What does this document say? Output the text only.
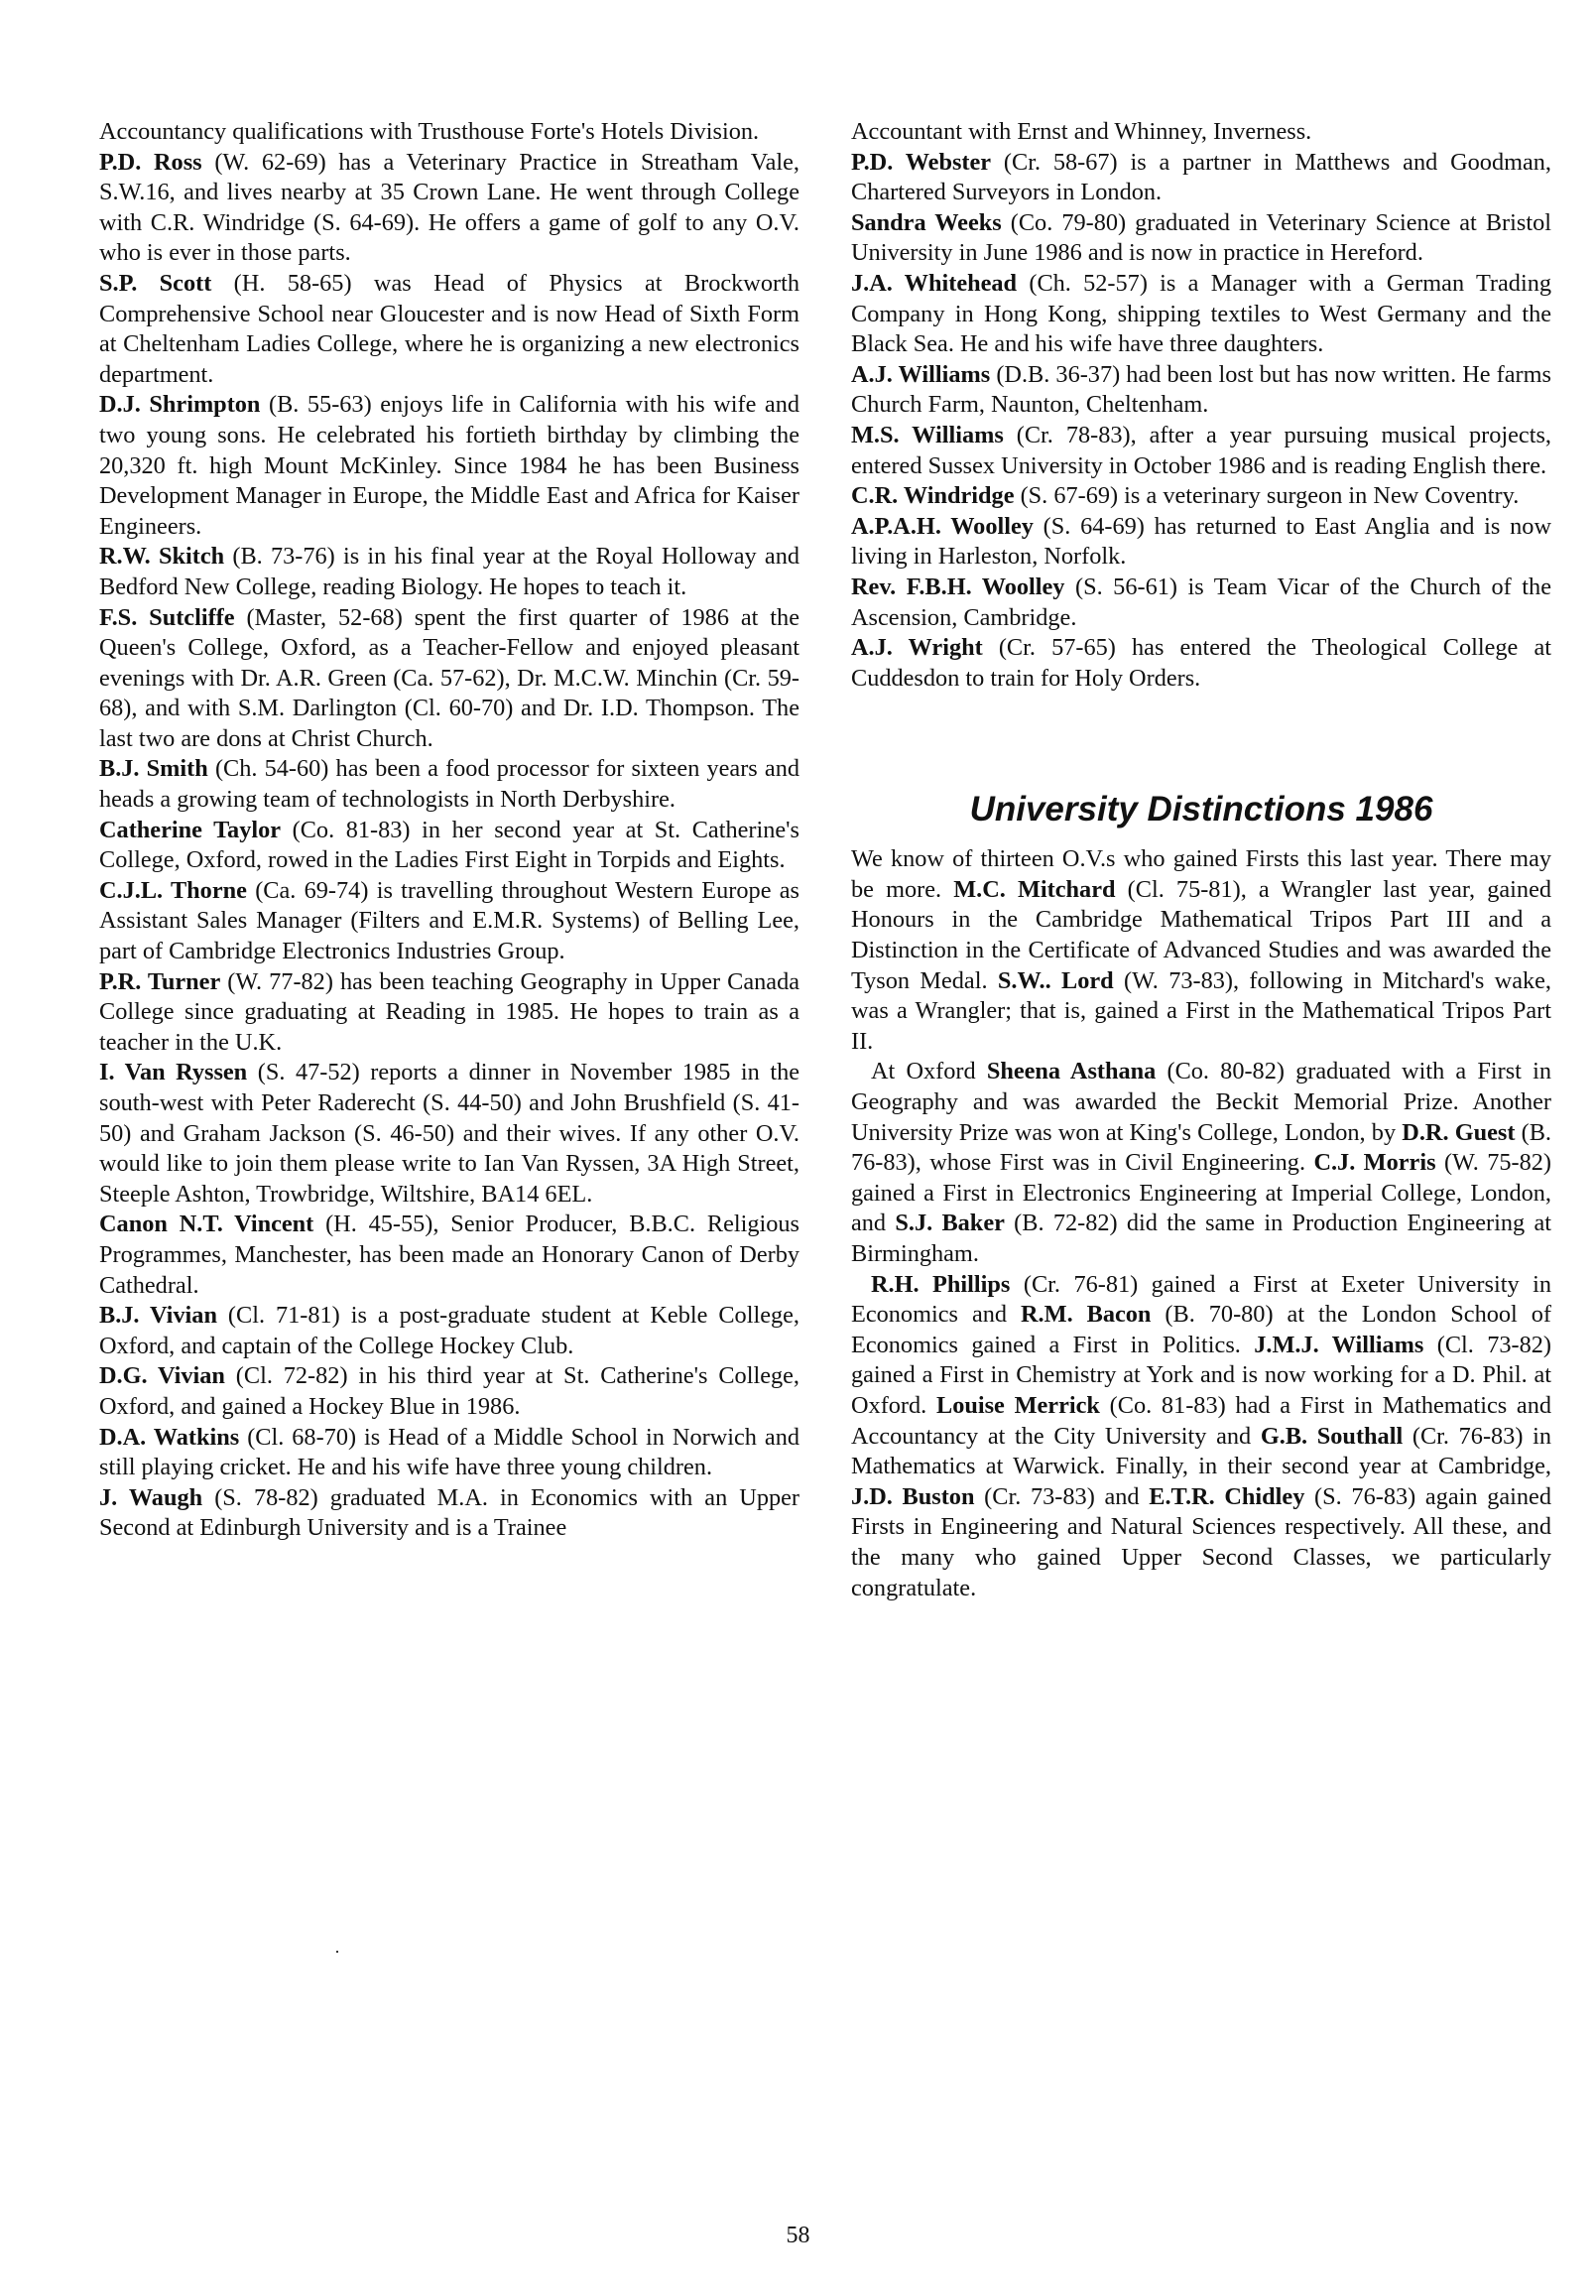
Accountancy qualifications with Trusthouse Forte's Hotels Division.

P.D. Ross (W. 62-69) has a Veterinary Practice in Streatham Vale, S.W.16, and lives nearby at 35 Crown Lane. He went through College with C.R. Windridge (S. 64-69). He offers a game of golf to any O.V. who is ever in those parts.

S.P. Scott (H. 58-65) was Head of Physics at Brockworth Comprehensive School near Gloucester and is now Head of Sixth Form at Cheltenham Ladies College, where he is organizing a new electronics department.

D.J. Shrimpton (B. 55-63) enjoys life in California with his wife and two young sons. He celebrated his fortieth birthday by climbing the 20,320 ft. high Mount McKinley. Since 1984 he has been Business Development Manager in Europe, the Middle East and Africa for Kaiser Engineers.

R.W. Skitch (B. 73-76) is in his final year at the Royal Holloway and Bedford New College, reading Biology. He hopes to teach it.

F.S. Sutcliffe (Master, 52-68) spent the first quarter of 1986 at the Queen's College, Oxford, as a Teacher-Fellow and enjoyed pleasant evenings with Dr. A.R. Green (Ca. 57-62), Dr. M.C.W. Minchin (Cr. 59-68), and with S.M. Darlington (Cl. 60-70) and Dr. I.D. Thompson. The last two are dons at Christ Church.

B.J. Smith (Ch. 54-60) has been a food processor for sixteen years and heads a growing team of technologists in North Derbyshire.

Catherine Taylor (Co. 81-83) in her second year at St. Catherine's College, Oxford, rowed in the Ladies First Eight in Torpids and Eights.

C.J.L. Thorne (Ca. 69-74) is travelling throughout Western Europe as Assistant Sales Manager (Filters and E.M.R. Systems) of Belling Lee, part of Cambridge Electronics Industries Group.

P.R. Turner (W. 77-82) has been teaching Geography in Upper Canada College since graduating at Reading in 1985. He hopes to train as a teacher in the U.K.

I. Van Ryssen (S. 47-52) reports a dinner in November 1985 in the south-west with Peter Raderecht (S. 44-50) and John Brushfield (S. 41-50) and Graham Jackson (S. 46-50) and their wives. If any other O.V. would like to join them please write to Ian Van Ryssen, 3A High Street, Steeple Ashton, Trowbridge, Wiltshire, BA14 6EL.

Canon N.T. Vincent (H. 45-55), Senior Producer, B.B.C. Religious Programmes, Manchester, has been made an Honorary Canon of Derby Cathedral.

B.J. Vivian (Cl. 71-81) is a post-graduate student at Keble College, Oxford, and captain of the College Hockey Club.

D.G. Vivian (Cl. 72-82) in his third year at St. Catherine's College, Oxford, and gained a Hockey Blue in 1986.

D.A. Watkins (Cl. 68-70) is Head of a Middle School in Norwich and still playing cricket. He and his wife have three young children.

J. Waugh (S. 78-82) graduated M.A. in Economics with an Upper Second at Edinburgh University and is a Trainee

Accountant with Ernst and Whinney, Inverness.

P.D. Webster (Cr. 58-67) is a partner in Matthews and Goodman, Chartered Surveyors in London.

Sandra Weeks (Co. 79-80) graduated in Veterinary Science at Bristol University in June 1986 and is now in practice in Hereford.

J.A. Whitehead (Ch. 52-57) is a Manager with a German Trading Company in Hong Kong, shipping textiles to West Germany and the Black Sea. He and his wife have three daughters.

A.J. Williams (D.B. 36-37) had been lost but has now written. He farms Church Farm, Naunton, Cheltenham.

M.S. Williams (Cr. 78-83), after a year pursuing musical projects, entered Sussex University in October 1986 and is reading English there.

C.R. Windridge (S. 67-69) is a veterinary surgeon in New Coventry.

A.P.A.H. Woolley (S. 64-69) has returned to East Anglia and is now living in Harleston, Norfolk.

Rev. F.B.H. Woolley (S. 56-61) is Team Vicar of the Church of the Ascension, Cambridge.

A.J. Wright (Cr. 57-65) has entered the Theological College at Cuddesdon to train for Holy Orders.

University Distinctions 1986

We know of thirteen O.V.s who gained Firsts this last year. There may be more. M.C. Mitchard (Cl. 75-81), a Wrangler last year, gained Honours in the Cambridge Mathematical Tripos Part III and a Distinction in the Certificate of Advanced Studies and was awarded the Tyson Medal. S.W.. Lord (W. 73-83), following in Mitchard's wake, was a Wrangler; that is, gained a First in the Mathematical Tripos Part II.

At Oxford Sheena Asthana (Co. 80-82) graduated with a First in Geography and was awarded the Beckit Memorial Prize. Another University Prize was won at King's College, London, by D.R. Guest (B. 76-83), whose First was in Civil Engineering. C.J. Morris (W. 75-82) gained a First in Electronics Engineering at Imperial College, London, and S.J. Baker (B. 72-82) did the same in Production Engineering at Birmingham.

R.H. Phillips (Cr. 76-81) gained a First at Exeter University in Economics and R.M. Bacon (B. 70-80) at the London School of Economics gained a First in Politics. J.M.J. Williams (Cl. 73-82) gained a First in Chemistry at York and is now working for a D. Phil. at Oxford. Louise Merrick (Co. 81-83) had a First in Mathematics and Accountancy at the City University and G.B. Southall (Cr. 76-83) in Mathematics at Warwick. Finally, in their second year at Cambridge, J.D. Buston (Cr. 73-83) and E.T.R. Chidley (S. 76-83) again gained Firsts in Engineering and Natural Sciences respectively. All these, and the many who gained Upper Second Classes, we particularly congratulate.

·
58
